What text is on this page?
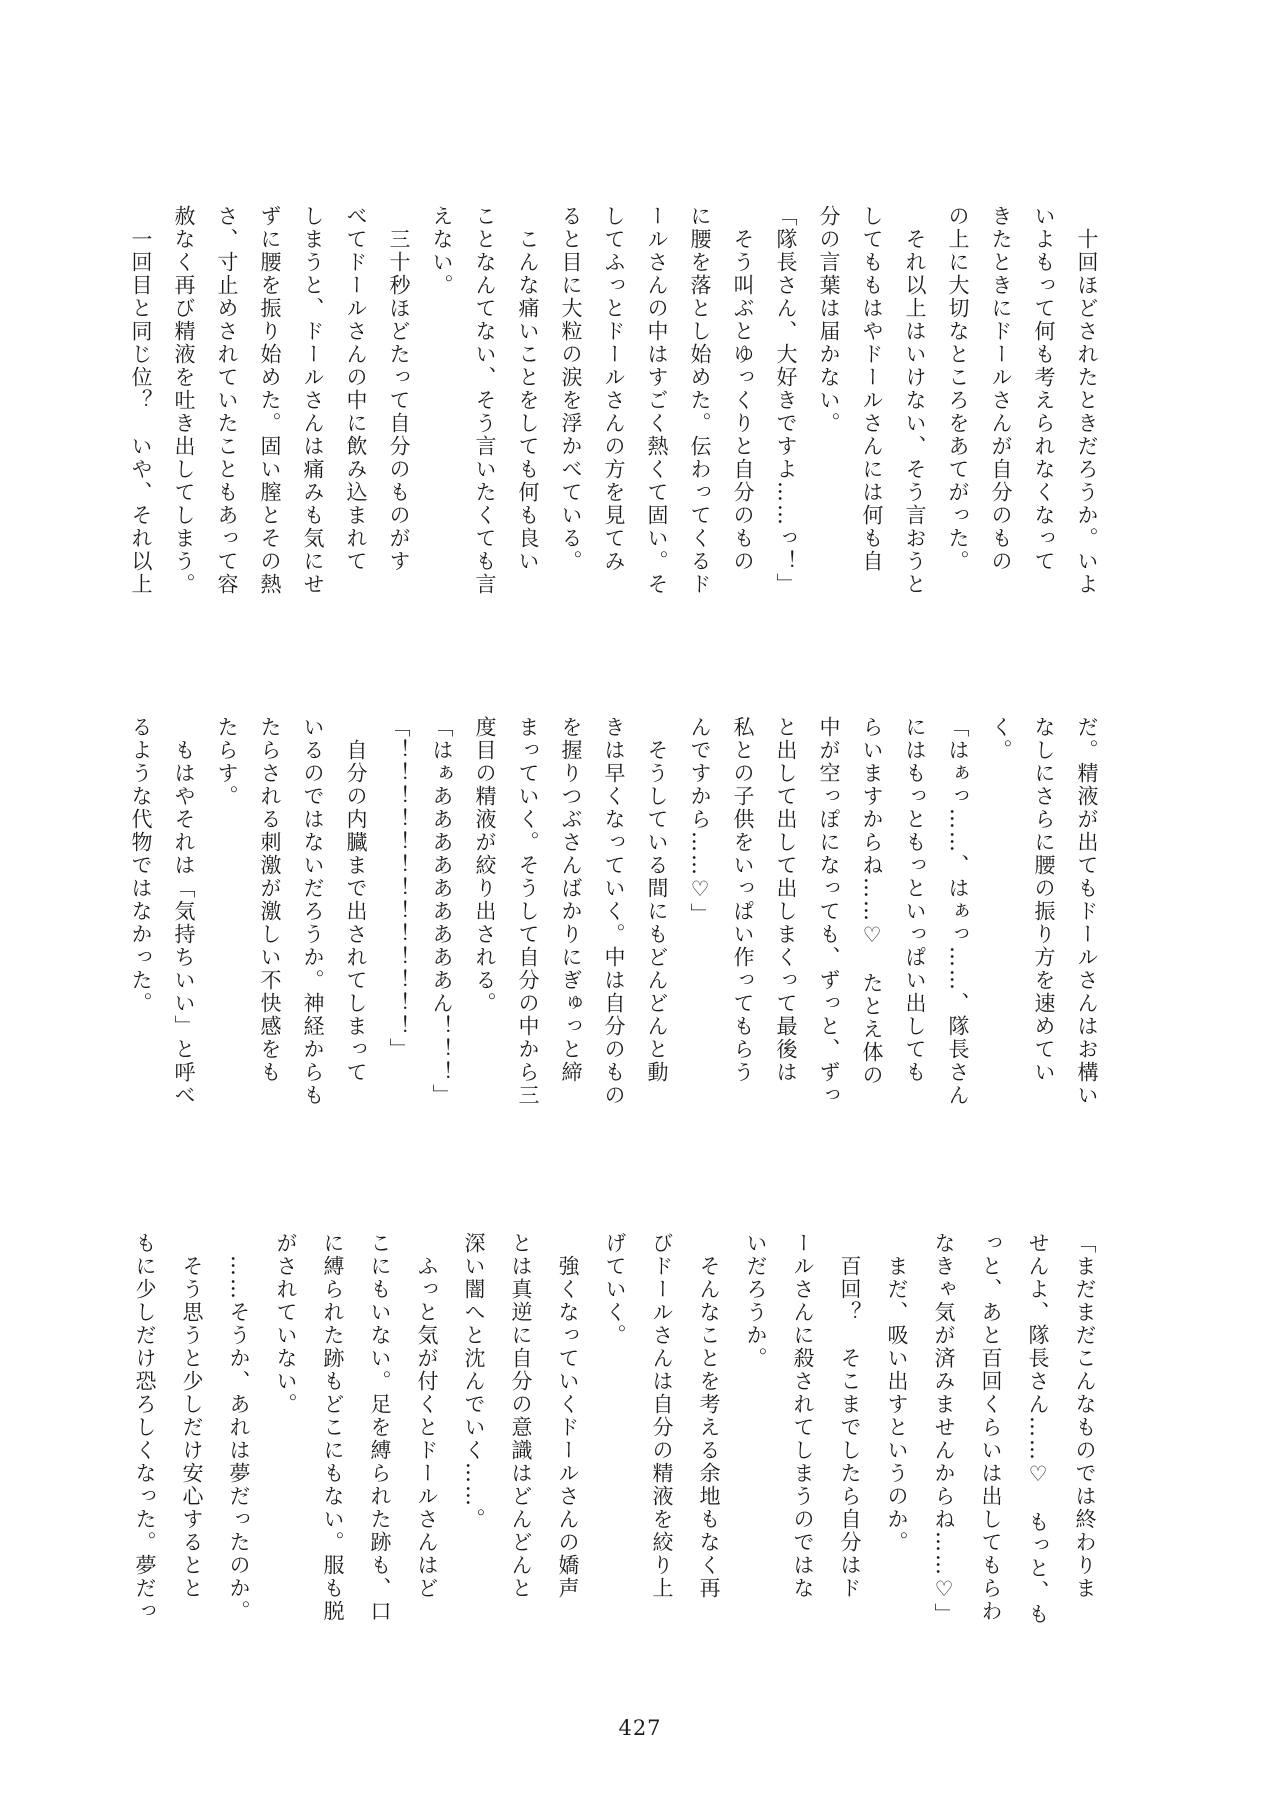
　十回ほどされたときだろうか。いよ

いよもって何も考えられなくなって

きたときにドールさんが自分のもの

の上に大切なところをあてがった。

　それ以上はいけない、そう言おうと

してももはやドールさんには何も自

分の言葉は届かない。

「隊長さん、大好きですよ……っ！」

　そう叫ぶとゆっくりと自分のもの

に腰を落とし始めた。伝わってくるド

ールさんの中はすごく熱くて固い。そ

してふっとドールさんの方を見てみ

ると目に大粒の涙を浮かべている。

　こんな痛いことをしても何も良い

ことなんてない、そう言いたくても言

えない。

　三十秒ほどたって自分のものがす

べてドールさんの中に飲み込まれて

しまうと、ドールさんは痛みも気にせ

ずに腰を振り始めた。固い膣とその熱

さ、寸止めされていたこともあって容

赦なく再び精液を吐き出してしまう。

　一回目と同じ位？　いや、それ以上

だ。精液が出てもドールさんはお構い

なしにさらに腰の振り方を速めてい

く。

「はぁっ……、はぁっ……、隊長さん

にはもっともっといっぱい出しても

らいますからね……♡　たとえ体の

中が空っぽになっても、ずっと、ずっ

と出して出して出しまくって最後は

私との子供をいっぱい作ってもらう

んですから……♡」

　そうしている間にもどんどんと動

きは早くなっていく。中は自分のもの

を握りつぶさんばかりにぎゅっと締

まっていく。そうして自分の中から三

度目の精液が絞り出される。

「はぁあああああああああん！！！」

「！！！！！！！！！！！！！」

　自分の内臓まで出されてしまって

いるのではないだろうか。神経からも

たらされる刺激が激しい不快感をも

たらす。

　もはやそれは「気持ちいい」と呼べ

るような代物ではなかった。

「まだまだこんなものでは終わりま

せんよ、隊長さん……♡　もっと、も

っと、あと百回くらいは出してもらわ

なきゃ気が済みませんからね……♡」

　まだ、吸い出すというのか。

　百回？　そこまでしたら自分はド

ールさんに殺されてしまうのではな

いだろうか。

　そんなことを考える余地もなく再

びドールさんは自分の精液を絞り上

げていく。

　強くなっていくドールさんの嬌声

とは真逆に自分の意識はどんどんと

深い闇へと沈んでいく……。

　ふっと気が付くとドールさんはど

こにもいない。足を縛られた跡も、口

に縛られた跡もどこにもない。服も脱

がされていない。

　……そうか、あれは夢だったのか。

　そう思うと少しだけ安心するとと

もに少しだけ恐ろしくなった。夢だっ

427
